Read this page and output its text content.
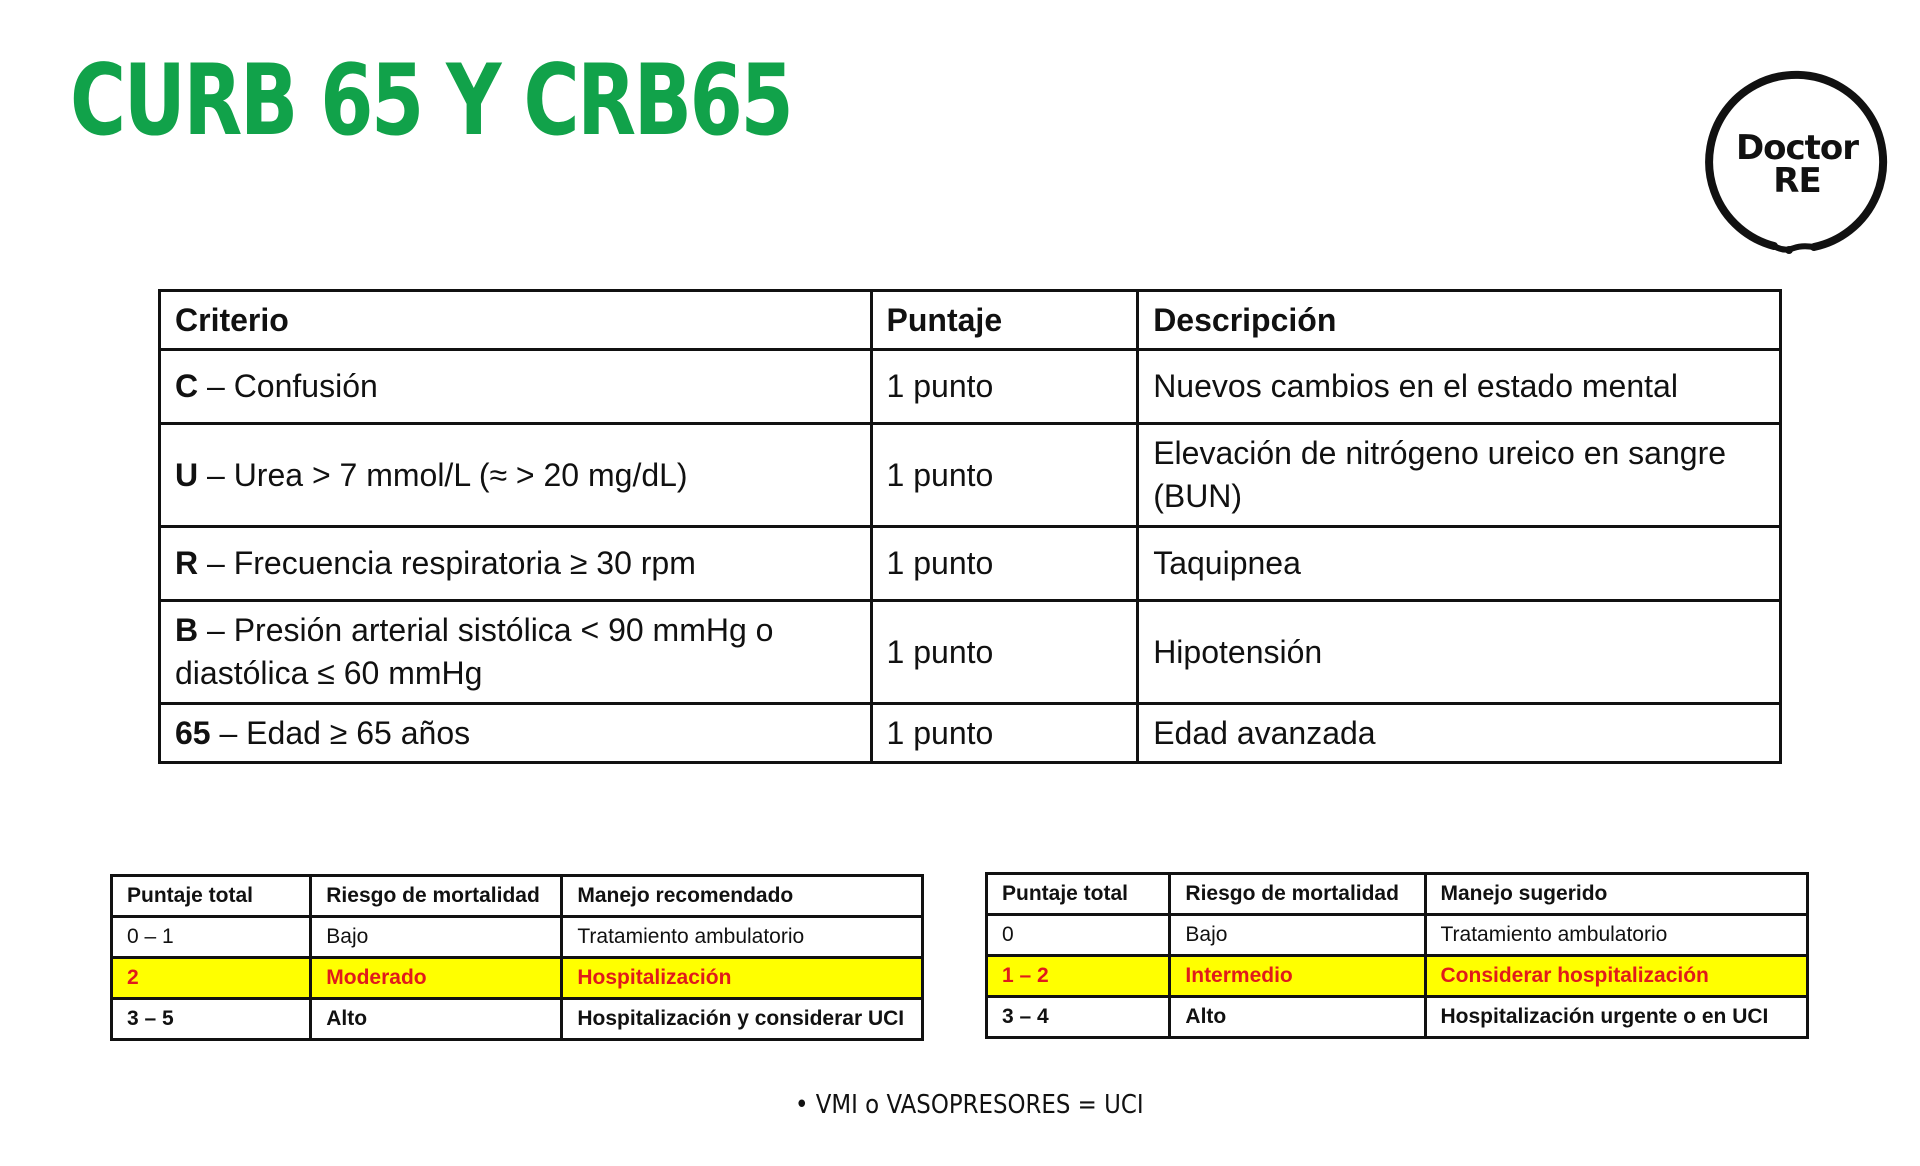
CURB 65 Y CRB65	Doctor
RE
Criterio	Puntaje	Descripción
C – Confusión	1 punto	Nuevos cambios en el estado mental
U – Urea > 7 mmol/L (≈ > 20 mg/dL)	1 punto	Elevación de nitrógeno ureico en sangre (BUN)
R – Frecuencia respiratoria ≥ 30 rpm	1 punto	Taquipnea
B – Presión arterial sistólica < 90 mmHg o diastólica ≤ 60 mmHg	1 punto	Hipotensión
65 – Edad ≥ 65 años	1 punto	Edad avanzada
Puntaje total	Riesgo de mortalidad	Manejo recomendado
0 – 1	Bajo	Tratamiento ambulatorio
2	Moderado	Hospitalización
3 – 5	Alto	Hospitalización y considerar UCI
Puntaje total	Riesgo de mortalidad	Manejo sugerido
0	Bajo	Tratamiento ambulatorio
1 – 2	Intermedio	Considerar hospitalización
3 – 4	Alto	Hospitalización urgente o en UCI
• VMI o VASOPRESORES = UCI
